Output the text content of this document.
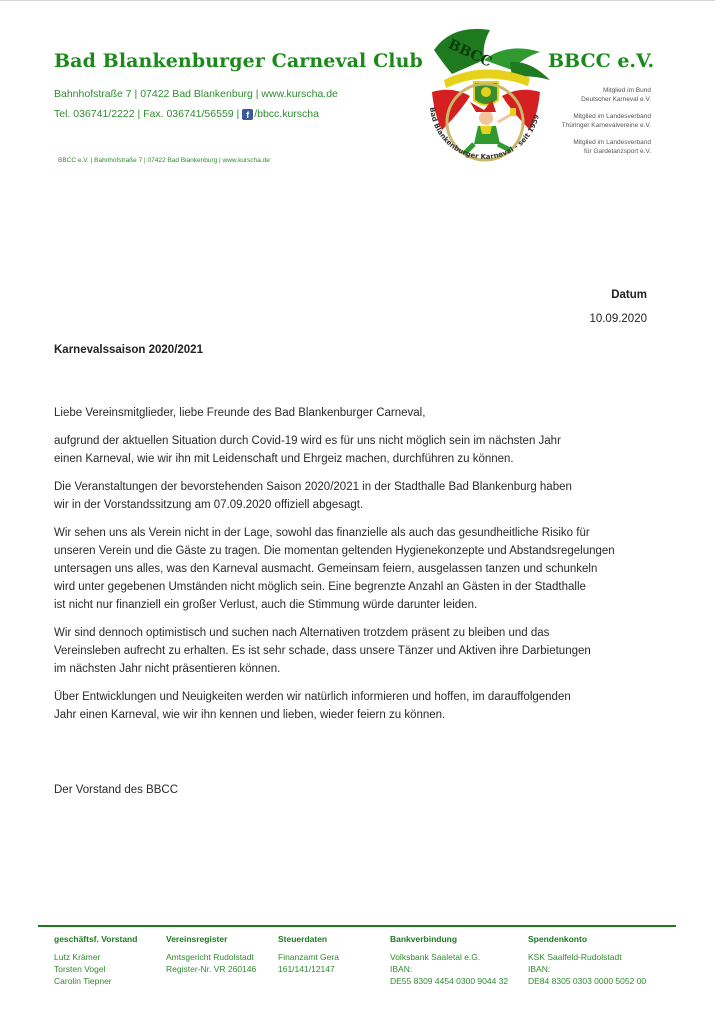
Bad Blankenburger Carneval Club	BBCC e.V.
Bahnhofstraße 7 | 07422 Bad Blankenburg | www.kurscha.de
Tel. 036741/2222 | Fax. 036741/56559 | f /bbcc.kurscha
BBCC e.V. | Bahnhofstraße 7 | 07422 Bad Blankenburg | www.kurscha.de
BBCC
Bad Blankenburger Karneval - seit 1959
Mitglied im Bund
Deutscher Karneval e.V.
Mitglied im Landesverband
Thüringer Karnevalvereine e.V.
Mitglied im Landesverband
für Gardetanzsport e.V.
Datum
10.09.2020
Karnevalssaison 2020/2021

Liebe Vereinsmitglieder, liebe Freunde des Bad Blankenburger Carneval,

aufgrund der aktuellen Situation durch Covid-19 wird es für uns nicht möglich sein im nächsten Jahr
einen Karneval, wie wir ihn mit Leidenschaft und Ehrgeiz machen, durchführen zu können.

Die Veranstaltungen der bevorstehenden Saison 2020/2021 in der Stadthalle Bad Blankenburg haben
wir in der Vorstandssitzung am 07.09.2020 offiziell abgesagt.

Wir sehen uns als Verein nicht in der Lage, sowohl das finanzielle als auch das gesundheitliche Risiko für
unseren Verein und die Gäste zu tragen. Die momentan geltenden Hygienekonzepte und Abstandsregelungen
untersagen uns alles, was den Karneval ausmacht. Gemeinsam feiern, ausgelassen tanzen und schunkeln
wird unter gegebenen Umständen nicht möglich sein. Eine begrenzte Anzahl an Gästen in der Stadthalle
ist nicht nur finanziell ein großer Verlust, auch die Stimmung würde darunter leiden.

Wir sind dennoch optimistisch und suchen nach Alternativen trotzdem präsent zu bleiben und das
Vereinsleben aufrecht zu erhalten. Es ist sehr schade, dass unsere Tänzer und Aktiven ihre Darbietungen
im nächsten Jahr nicht präsentieren können.

Über Entwicklungen und Neuigkeiten werden wir natürlich informieren und hoffen, im darauffolgenden
Jahr einen Karneval, wie wir ihn kennen und lieben, wieder feiern zu können.

Der Vorstand des BBCC
geschäftsf. Vorstand
Lutz Krämer
Torsten Vogel
Carolin Tiepner
Vereinsregister
Amtsgericht Rudolstadt
Register-Nr. VR 260146
Steuerdaten
Finanzamt Gera
161/141/12147
Bankverbindung
Volksbank Saaletal e.G.
IBAN:
DE55 8309 4454 0300 9044 32
Spendenkonto
KSK Saalfeld-Rudolstadt
IBAN:
DE84 8305 0303 0000 5052 00
